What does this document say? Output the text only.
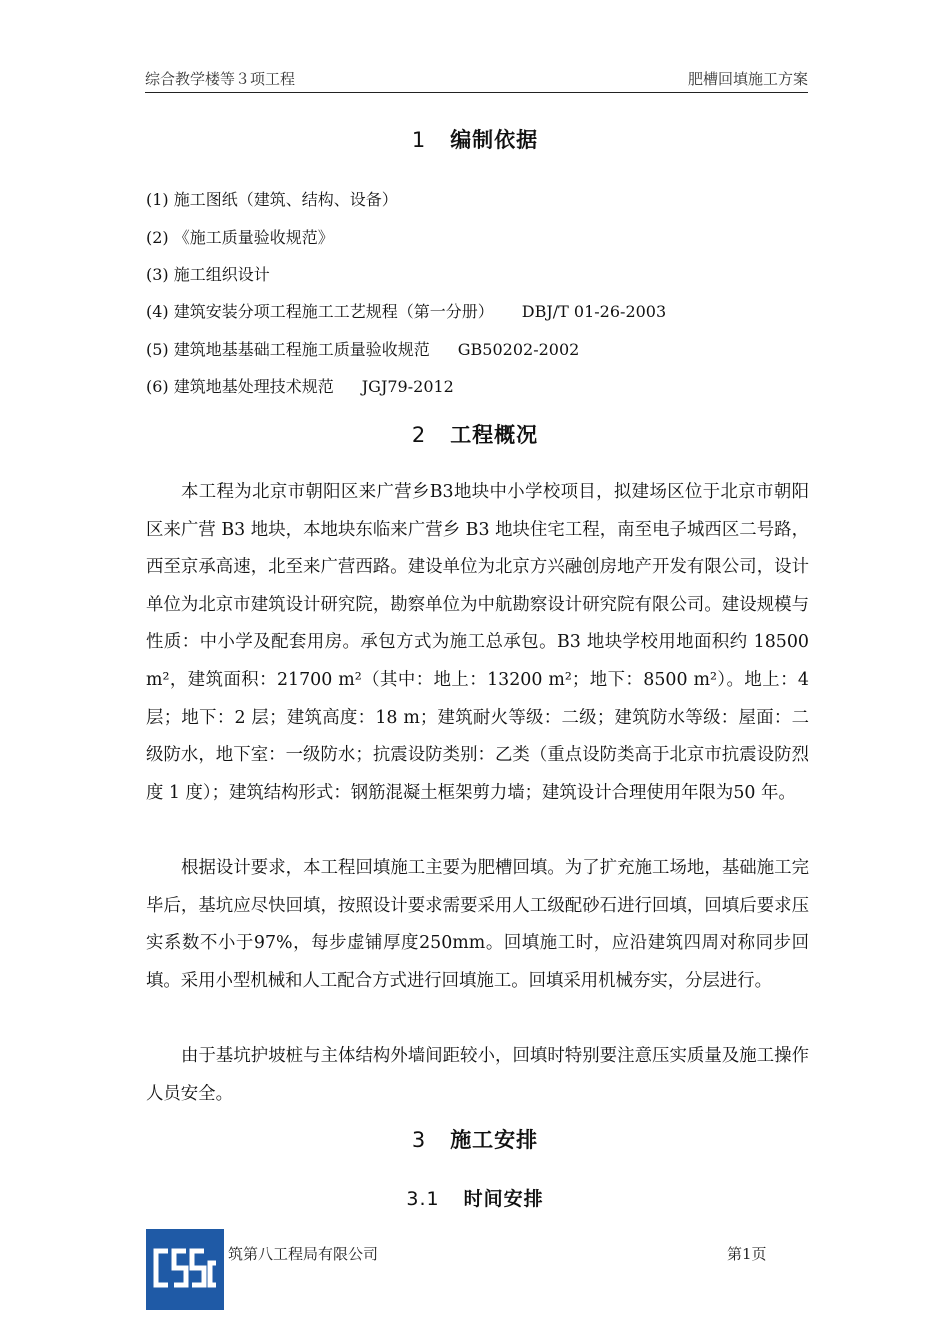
综合教学楼等３项工程	肥槽回填施工方案
1 编制依据
(1) 施工图纸（建筑、结构、设备）
(2) 《施工质量验收规范》
(3) 施工组织设计
(4) 建筑安装分项工程施工工艺规程（第一分册） DBJ/T 01-26-2003
(5) 建筑地基基础工程施工质量验收规范 GB50202-2002
(6) 建筑地基处理技术规范 JGJ79-2012
2 工程概况
本工程为北京市朝阳区来广营乡B3地块中小学校项目，拟建场区位于北京市朝阳区来广营 B3 地块，本地块东临来广营乡 B3 地块住宅工程，南至电子城西区二号路，西至京承高速，北至来广营西路。建设单位为北京方兴融创房地产开发有限公司，设计单位为北京市建筑设计研究院，勘察单位为中航勘察设计研究院有限公司。建设规模与性质：中小学及配套用房。承包方式为施工总承包。B3 地块学校用地面积约 18500 m²，建筑面积：21700 m²（其中：地上：13200 m²；地下：8500 m²）。地上：4 层；地下：2 层；建筑高度：18 m；建筑耐火等级：二级；建筑防水等级：屋面：二级防水，地下室：一级防水；抗震设防类别：乙类（重点设防类高于北京市抗震设防烈度 1 度）；建筑结构形式：钢筋混凝土框架剪力墙；建筑设计合理使用年限为50 年。
根据设计要求，本工程回填施工主要为肥槽回填。为了扩充施工场地，基础施工完毕后，基坑应尽快回填，按照设计要求需要采用人工级配砂石进行回填，回填后要求压实系数不小于97%，每步虚铺厚度250mm。回填施工时，应沿建筑四周对称同步回填。采用小型机械和人工配合方式进行回填施工。回填采用机械夯实，分层进行。
由于基坑护坡桩与主体结构外墙间距较小，回填时特别要注意压实质量及施工操作人员安全。
3 施工安排
3.1 时间安排
筑第八工程局有限公司	第1页
